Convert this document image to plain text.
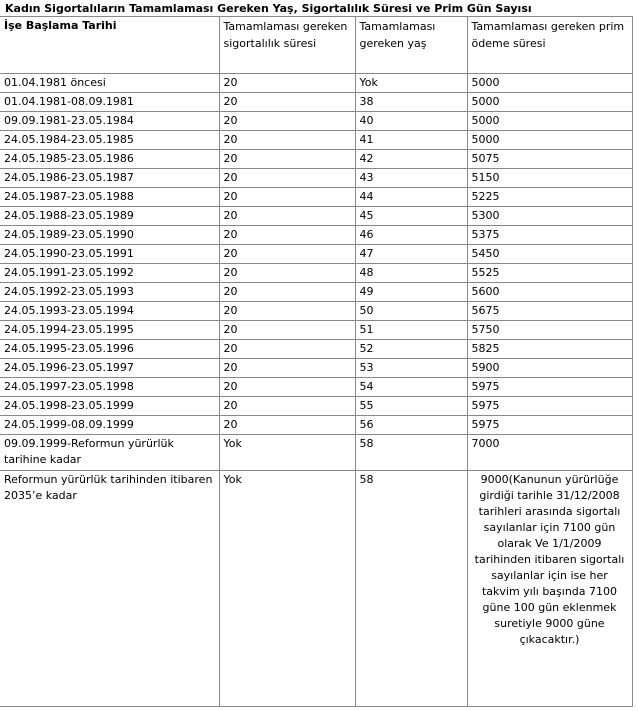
Kadın Sigortalıların Tamamlaması Gereken Yaş, Sigortalılık Süresi ve Prim Gün Sayısı
İşe Başlama Tarihi	Tamamlaması gereken sigortalılık süresi	Tamamlaması gereken yaş	Tamamlaması gereken prim ödeme süresi
01.04.1981 öncesi	20	Yok	5000
01.04.1981-08.09.1981	20	38	5000
09.09.1981-23.05.1984	20	40	5000
24.05.1984-23.05.1985	20	41	5000
24.05.1985-23.05.1986	20	42	5075
24.05.1986-23.05.1987	20	43	5150
24.05.1987-23.05.1988	20	44	5225
24.05.1988-23.05.1989	20	45	5300
24.05.1989-23.05.1990	20	46	5375
24.05.1990-23.05.1991	20	47	5450
24.05.1991-23.05.1992	20	48	5525
24.05.1992-23.05.1993	20	49	5600
24.05.1993-23.05.1994	20	50	5675
24.05.1994-23.05.1995	20	51	5750
24.05.1995-23.05.1996	20	52	5825
24.05.1996-23.05.1997	20	53	5900
24.05.1997-23.05.1998	20	54	5975
24.05.1998-23.05.1999	20	55	5975
24.05.1999-08.09.1999	20	56	5975
09.09.1999-Reformun yürürlük tarihine kadar	Yok	58	7000
Reformun yürürlük tarihinden itibaren 2035’e kadar	Yok	58	9000(Kanunun yürürlüğe girdiği tarihle 31/12/2008 tarihleri arasında sigortalı sayılanlar için 7100 gün olarak Ve 1/1/2009 tarihinden itibaren sigortalı sayılanlar için ise her takvim yılı başında 7100 güne 100 gün eklenmek suretiyle 9000 güne çıkacaktır.)
